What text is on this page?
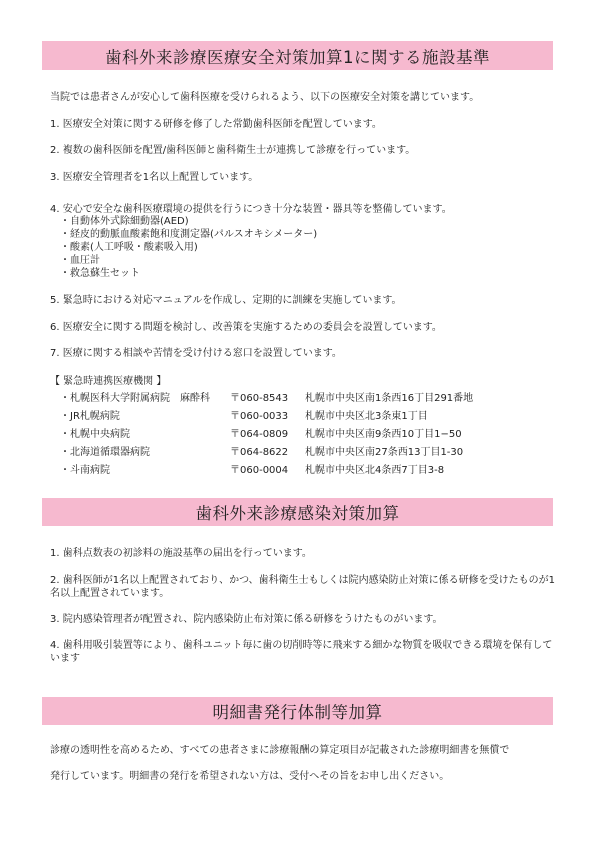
歯科外来診療医療安全対策加算1に関する施設基準
当院では患者さんが安心して歯科医療を受けられるよう、以下の医療安全対策を講じています。
1. 医療安全対策に関する研修を修了した常勤歯科医師を配置しています。
2. 複数の歯科医師を配置/歯科医師と歯科衛生士が連携して診療を行っています。
3. 医療安全管理者を1名以上配置しています。
4. 安心で安全な歯科医療環境の提供を行うにつき十分な装置・器具等を整備しています。
・自動体外式除細動器(AED)
・経皮的動脈血酸素飽和度測定器(パルスオキシメーター)
・酸素(人工呼吸・酸素吸入用)
・血圧計
・救急蘇生セット
5. 緊急時における対応マニュアルを作成し、定期的に訓練を実施しています。
6. 医療安全に関する問題を検討し、改善策を実施するための委員会を設置しています。
7. 医療に関する相談や苦情を受け付ける窓口を設置しています。
【 緊急時連携医療機関 】
・札幌医科大学附属病院　麻酔科 〒060-8543 札幌市中央区南1条西16丁目291番地
・JR札幌病院	〒060-0033 札幌市中央区北3条東1丁目
・札幌中央病院	〒064-0809 札幌市中央区南9条西10丁目1−50
・北海道循環器病院	〒064-8622 札幌市中央区南27条西13丁目1-30
・斗南病院	〒060-0004 札幌市中央区北4条西7丁目3-8
歯科外来診療感染対策加算
1. 歯科点数表の初診料の施設基準の届出を行っています。
2. 歯科医師が1名以上配置されており、かつ、歯科衛生士もしくは院内感染防止対策に係る研修を受けたものが1名以上配置されています。
3. 院内感染管理者が配置され、院内感染防止布対策に係る研修をうけたものがいます。
4. 歯科用吸引装置等により、歯科ユニット毎に歯の切削時等に飛来する細かな物質を吸収できる環境を保有しています
明細書発行体制等加算
診療の透明性を高めるため、すべての患者さまに診療報酬の算定項目が記載された診療明細書を無償で
発行しています。明細書の発行を希望されない方は、受付へその旨をお申し出ください。
